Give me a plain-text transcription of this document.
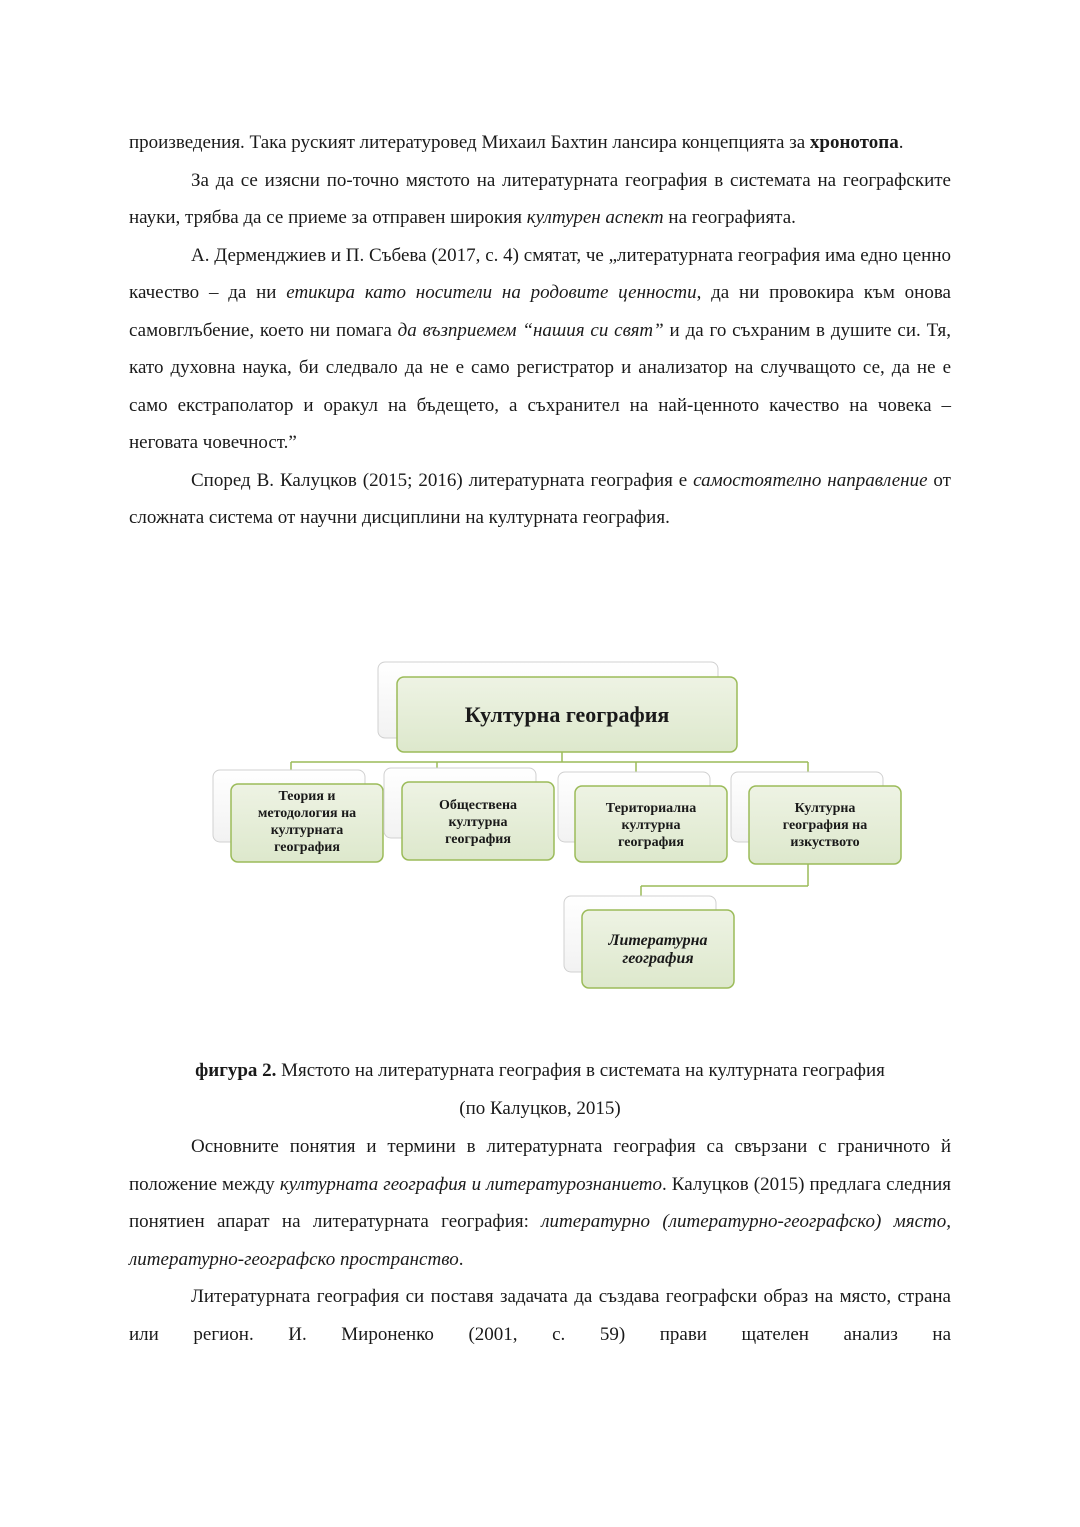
произведения. Така руският литературовед Михаил Бахтин лансира концепцията за хронотопа.

За да се изясни по-точно мястото на литературната география в системата на географските науки, трябва да се приеме за отправен широкия културен аспект на географията.

А. Дерменджиев и П. Събева (2017, с. 4) смятат, че „литературната география има едно ценно качество – да ни етикира като носители на родовите ценности, да ни провокира към онова самовглъбение, което ни помага да възприемем “нашия си свят” и да го съхраним в душите си. Тя, като духовна наука, би следвало да не е само регистратор и анализатор на случващото се, да не е само екстраполатор и оракул на бъдещето, а съхранител на най-ценното качество на човека – неговата човечност.”

Според В. Калуцков (2015; 2016) литературната география е самостоятелно направление от сложната система от научни дисциплини на културната география.

Културна география
Теория и
методология на
културната
география
Обществена
културна
география
Териториална
културна
география
Културна
география на
изкуството
Литературна
география
фигура 2. Мястото на литературната география в системата на културната география
(по Калуцков, 2015)

Основните понятия и термини в литературната география са свързани с граничното й положение между културната география и литературознанието. Калуцков (2015) предлага следния понятиен апарат на литературната география: литературно (литературно-географско) място, литературно-географско пространство.

Литературната география си поставя задачата да създава географски образ на място, страна или регион. И. Мироненко (2001, с. 59) прави щателен анализ на
